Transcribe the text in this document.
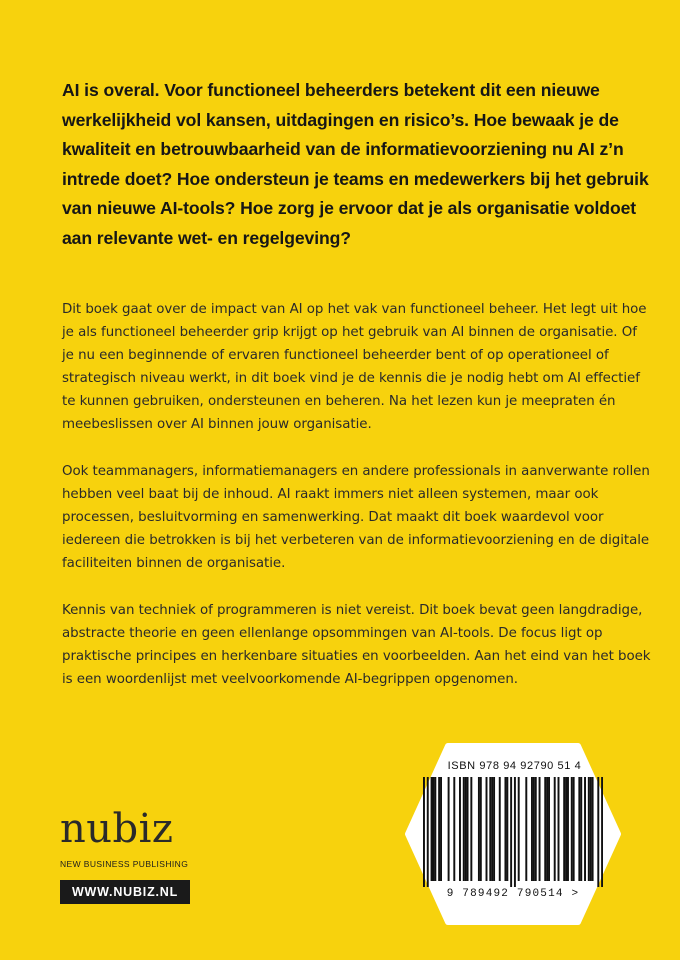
AI is overal. Voor functioneel beheerders betekent dit een nieuwe werkelijkheid vol kansen, uitdagingen en risico’s. Hoe bewaak je de kwaliteit en betrouwbaarheid van de informatievoorziening nu AI z’n intrede doet? Hoe ondersteun je teams en medewerkers bij het gebruik van nieuwe AI-tools? Hoe zorg je ervoor dat je als organisatie voldoet aan relevante wet- en regelgeving?

Dit boek gaat over de impact van AI op het vak van functioneel beheer. Het legt uit hoe je als functioneel beheerder grip krijgt op het gebruik van AI binnen de organisatie. Of je nu een beginnende of ervaren functioneel beheerder bent of op operationeel of strategisch niveau werkt, in dit boek vind je de kennis die je nodig hebt om AI effectief te kunnen gebruiken, ondersteunen en beheren. Na het lezen kun je meepraten én meebeslissen over AI binnen jouw organisatie.

Ook teammanagers, informatiemanagers en andere professionals in aanverwante rollen hebben veel baat bij de inhoud. AI raakt immers niet alleen systemen, maar ook processen, besluitvorming en samenwerking. Dat maakt dit boek waardevol voor iedereen die betrokken is bij het verbeteren van de informatievoorziening en de digitale faciliteiten binnen de organisatie.

Kennis van techniek of programmeren is niet vereist. Dit boek bevat geen langdradige, abstracte theorie en geen ellenlange opsommingen van AI-tools. De focus ligt op praktische principes en herkenbare situaties en voorbeelden. Aan het eind van het boek is een woordenlijst met veelvoorkomende AI-begrippen opgenomen.

nubiz
NEW BUSINESS PUBLISHING
WWW.NUBIZ.NL
ISBN 978 94 92790 51 4
9 789492 790514 >
